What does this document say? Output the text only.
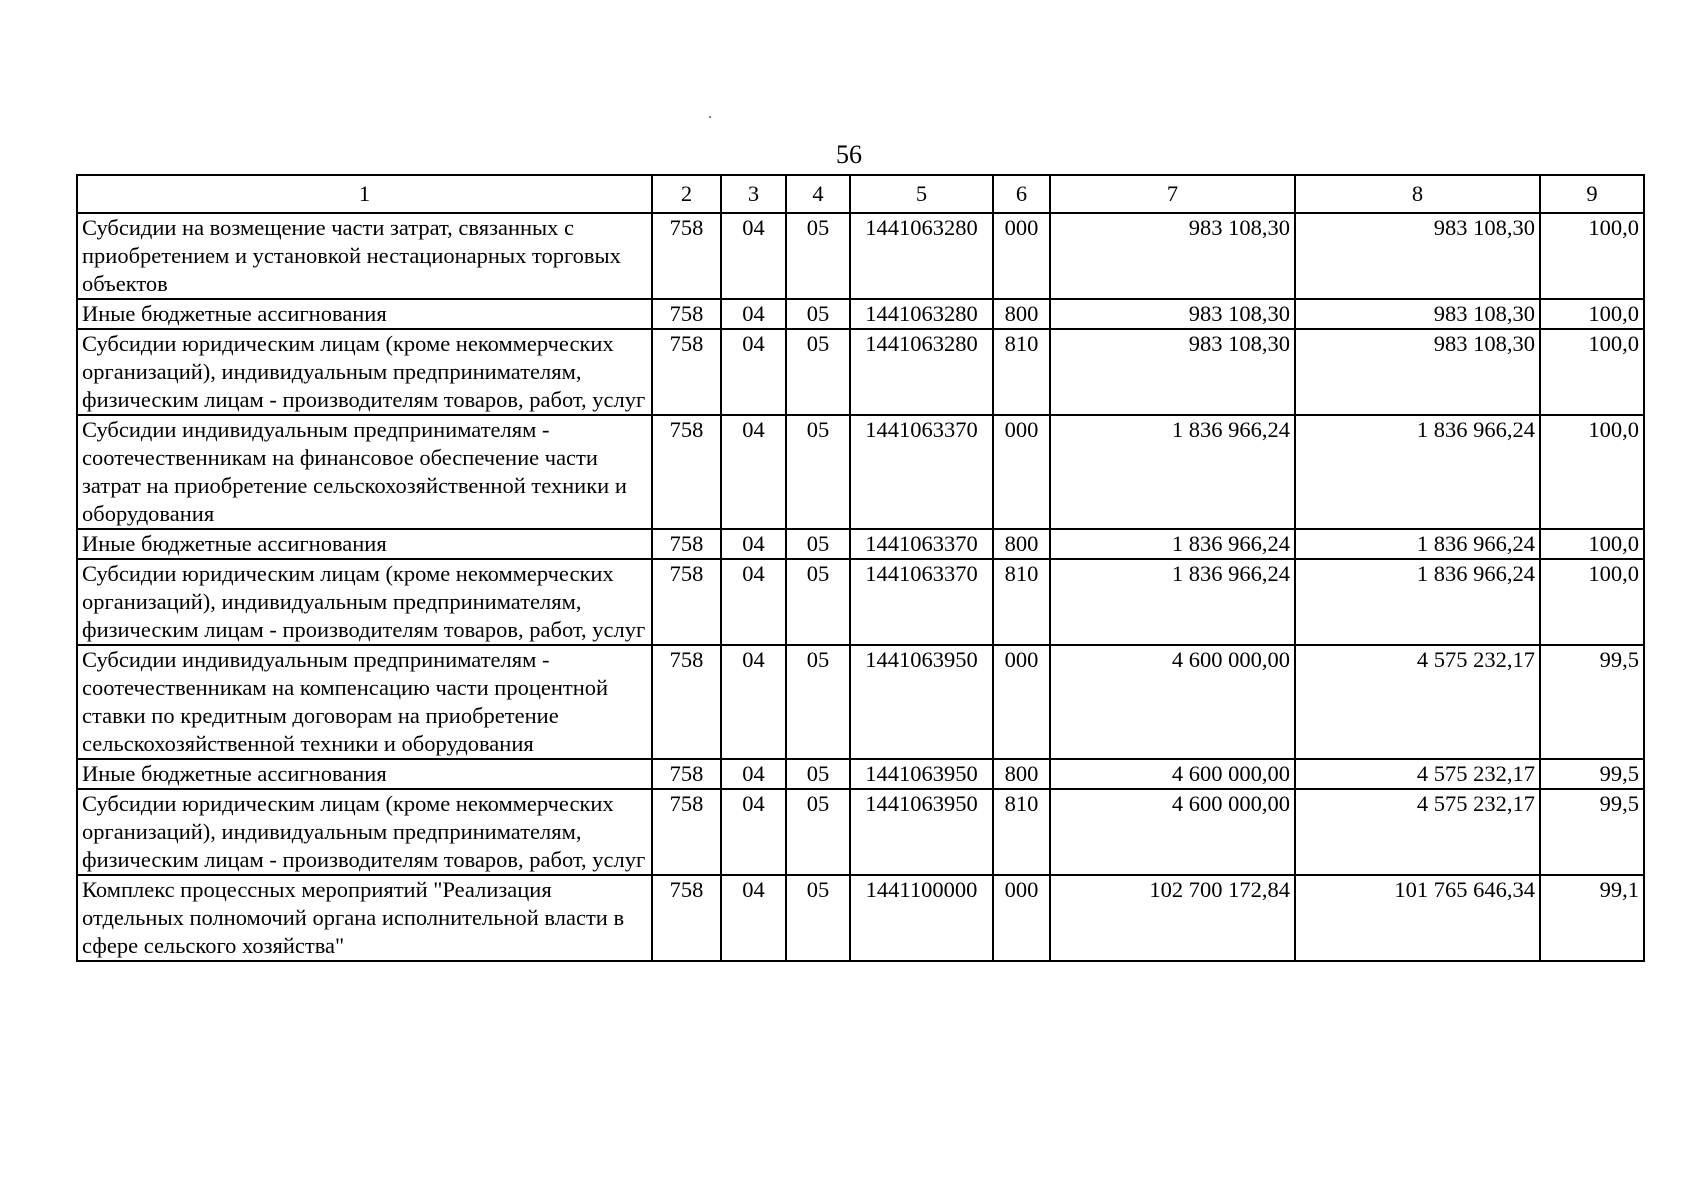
56
1	2	3	4	5	6	7	8	9
Субсидии на возмещение части затрат, связанных с приобретением и установкой нестационарных торговых объектов	758	04	05	1441063280	000	983 108,30	983 108,30	100,0
Иные бюджетные ассигнования	758	04	05	1441063280	800	983 108,30	983 108,30	100,0
Субсидии юридическим лицам (кроме некоммерческих организаций), индивидуальным предпринимателям, физическим лицам - производителям товаров, работ, услуг	758	04	05	1441063280	810	983 108,30	983 108,30	100,0
Субсидии индивидуальным предпринимателям - соотечественникам на финансовое обеспечение части затрат на приобретение сельскохозяйственной техники и оборудования	758	04	05	1441063370	000	1 836 966,24	1 836 966,24	100,0
Иные бюджетные ассигнования	758	04	05	1441063370	800	1 836 966,24	1 836 966,24	100,0
Субсидии юридическим лицам (кроме некоммерческих организаций), индивидуальным предпринимателям, физическим лицам - производителям товаров, работ, услуг	758	04	05	1441063370	810	1 836 966,24	1 836 966,24	100,0
Субсидии индивидуальным предпринимателям - соотечественникам на компенсацию части процентной ставки по кредитным договорам на приобретение сельскохозяйственной техники и оборудования	758	04	05	1441063950	000	4 600 000,00	4 575 232,17	99,5
Иные бюджетные ассигнования	758	04	05	1441063950	800	4 600 000,00	4 575 232,17	99,5
Субсидии юридическим лицам (кроме некоммерческих организаций), индивидуальным предпринимателям, физическим лицам - производителям товаров, работ, услуг	758	04	05	1441063950	810	4 600 000,00	4 575 232,17	99,5
Комплекс процессных мероприятий "Реализация отдельных полномочий органа исполнительной власти в сфере сельского хозяйства"	758	04	05	1441100000	000	102 700 172,84	101 765 646,34	99,1
